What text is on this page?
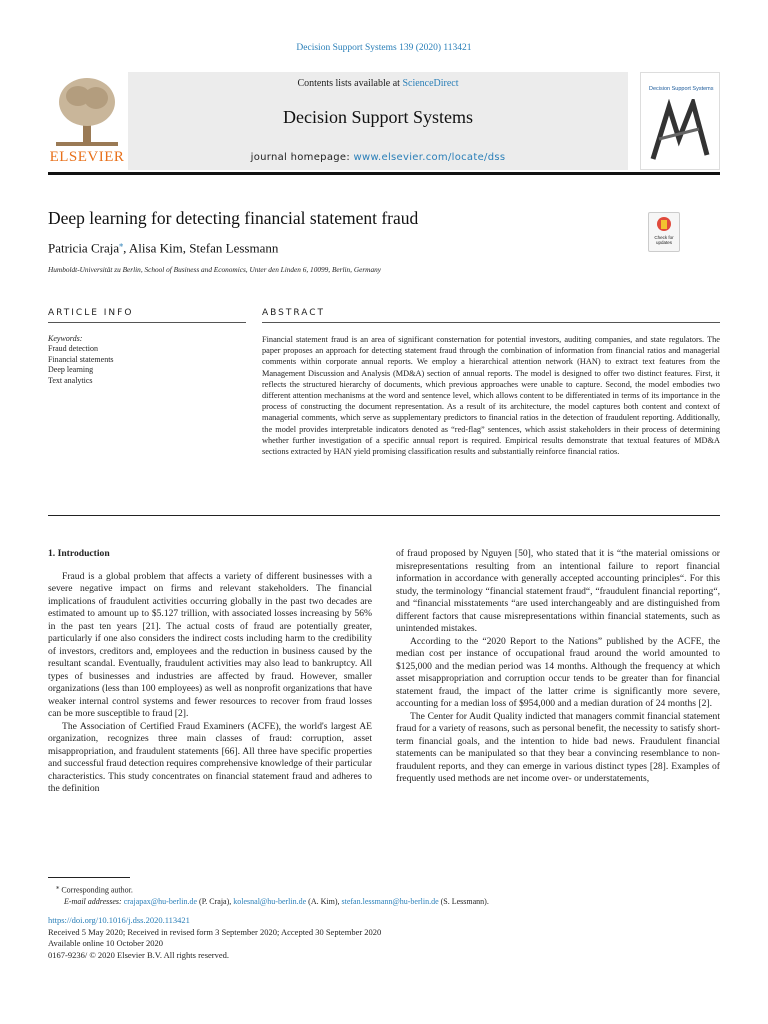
Decision Support Systems 139 (2020) 113421
ELSEVIER
Contents lists available at ScienceDirect
Decision Support Systems
journal homepage: www.elsevier.com/locate/dss
Decision Support Systems
Deep learning for detecting financial statement fraud
Patricia Craja⁎, Alisa Kim, Stefan Lessmann
Humboldt-Universität zu Berlin, School of Business and Economics, Unter den Linden 6, 10099, Berlin, Germany
Check for updates
ARTICLE INFO	ABSTRACT
Keywords:
Fraud detection
Financial statements
Deep learning
Text analytics
Financial statement fraud is an area of significant consternation for potential investors, auditing companies, and state regulators. The paper proposes an approach for detecting statement fraud through the combination of information from financial ratios and managerial comments within corporate annual reports. We employ a hierarchical attention network (HAN) to extract text features from the Management Discussion and Analysis (MD&A) section of annual reports. The model is designed to offer two distinct features. First, it reflects the structured hierarchy of documents, which previous approaches were unable to capture. Second, the model embodies two different attention mechanisms at the word and sentence level, which allows content to be differentiated in terms of its importance in the process of constructing the document representation. As a result of its architecture, the model captures both content and context of managerial comments, which serve as supplementary predictors to financial ratios in the detection of fraudulent reporting. Additionally, the model provides interpretable indicators denoted as “red-flag” sentences, which assist stakeholders in their process of determining whether further investigation of a specific annual report is required. Empirical results demonstrate that textual features of MD&A sections extracted by HAN yield promising classification results and substantially reinforce financial ratios.
1. Introduction

Fraud is a global problem that affects a variety of different businesses with a severe negative impact on firms and relevant stakeholders. The financial implications of fraudulent activities occurring globally in the past two decades are estimated to amount up to $5.127 trillion, with associated losses increasing by 56% in the past ten years [21]. The actual costs of fraud are potentially greater, particularly if one also considers the indirect costs including harm to the credibility of investors, creditors and, employees and the reduction in business caused by the resultant scandal. Eventually, fraudulent activities may also lead to bankruptcy. All types of businesses and industries are affected by fraud. However, smaller organizations (less than 100 employees) as well as nonprofit organizations that have weaker internal control systems and fewer resources to recover from fraud losses can be more susceptible to fraud [2].

The Association of Certified Fraud Examiners (ACFE), the world's largest AE organization, recognizes three main classes of fraud: corruption, asset misappropriation, and fraudulent statements [66]. All three have specific properties and successful fraud detection requires comprehensive knowledge of their particular characteristics. This study concentrates on financial statement fraud and adheres to the definition

of fraud proposed by Nguyen [50], who stated that it is “the material omissions or misrepresentations resulting from an intentional failure to report financial information in accordance with generally accepted accounting principles“. For this study, the terminology “financial statement fraud“, “fraudulent financial reporting“, and “financial misstatements “are used interchangeably and are distinguished from different factors that cause misrepresentations within financial statements, such as unintended mistakes.

According to the “2020 Report to the Nations” published by the ACFE, the median cost per instance of occupational fraud around the world amounted to $125,000 and the median period was 14 months. Although the frequency at which asset misappropriation and corruption occur tends to be greater than for financial statement fraud, the impact of the latter crime is significantly more severe, accounting for a median loss of $954,000 and a median duration of 24 months [2].

The Center for Audit Quality indicted that managers commit financial statement fraud for a variety of reasons, such as personal benefit, the necessity to satisfy short-term financial goals, and the intention to hide bad news. Fraudulent financial statements can be manipulated so that they bear a convincing resemblance to non-fraudulent reports, and they can emerge in various distinct types [28]. Examples of frequently used methods are net income over- or understatements,

⁎ Corresponding author.
E-mail addresses: crajapax@hu-berlin.de (P. Craja), kolesnal@hu-berlin.de (A. Kim), stefan.lessmann@hu-berlin.de (S. Lessmann).
https://doi.org/10.1016/j.dss.2020.113421
Received 5 May 2020; Received in revised form 3 September 2020; Accepted 30 September 2020
Available online 10 October 2020
0167-9236/ © 2020 Elsevier B.V. All rights reserved.
